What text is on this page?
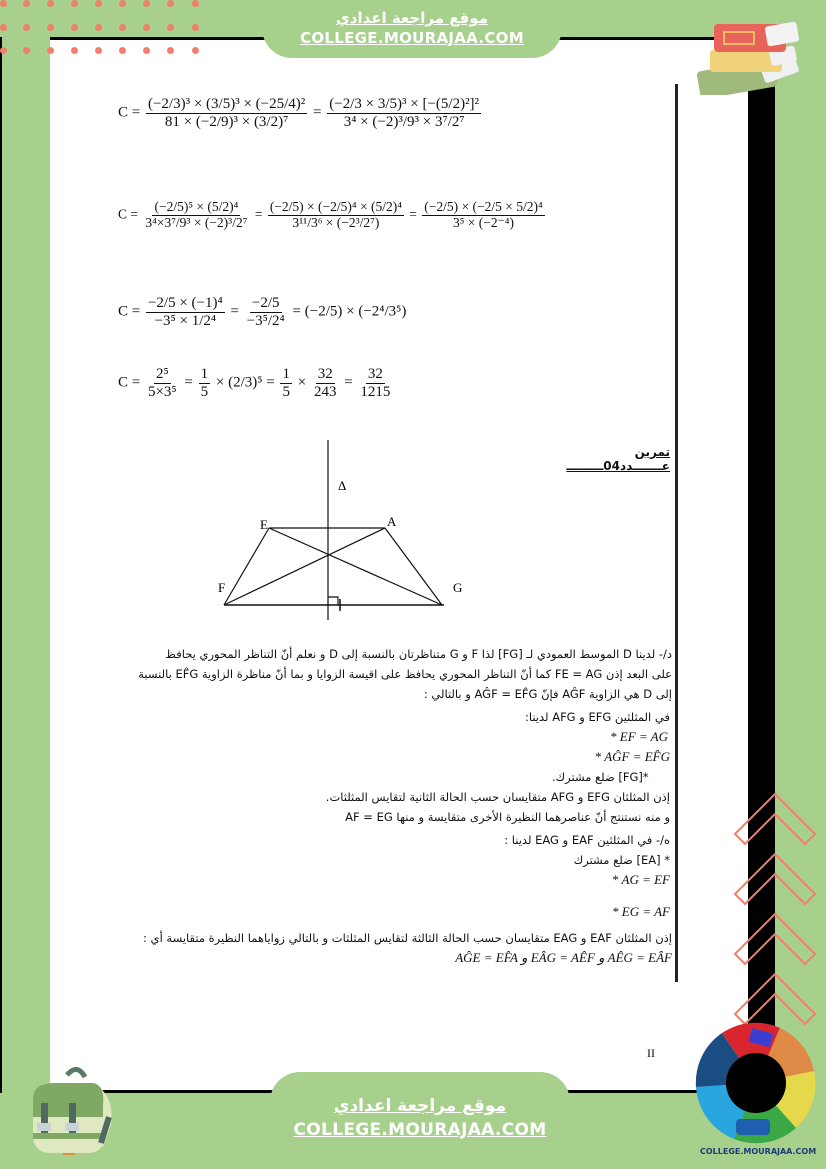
موقع مراجعة اعدادي
COLLEGE.MOURAJAA.COM
$C = \frac{\text{(−2/3)³ × (3/5)³ × (−25/4)²}}{\text{81 × (−2/9)³ × (3/2)⁷}} = \frac{\text{(−2/3 × 3/5)³ × [−(5/2)²]²}}{\text{3⁴ × (−2)³/9³ × 3⁷/2⁷}}$
$C = \frac{\text{(−2/5)⁵ × (5/2)⁴}}{\text{3⁴×3⁷/9³ × (−2)³/2⁷}} = \frac{\text{(−2/5) × (−2/5)⁴ × (5/2)⁴}}{\text{3¹¹/3⁶ × (−2³/2⁷)}} = \frac{\text{(−2/5) × (−2/5 × 5/2)⁴}}{\text{3⁵ × (−2⁻⁴)}}$
$C = \frac{\text{−2/5 × (−1)⁴}}{\text{−3⁵ × 1/2⁴}} = \frac{-2/5}{\text{−3⁵/2⁴}} = (-2/5) \times (-2^4/3^5)$
$C = \frac{\text{2⁵}}{\text{5×3⁵}} = \frac{1}{5} \times (2/3)^5 = \frac{1}{5} \times \frac{32}{243} = \frac{32}{1215}$
تمرين عـــــــدد04ـــــــــ
Δ
E	A
F	G
د/- لدينا D الموسط العمودي لـ [FG] لذا F و G متناظرتان بالنسبة إلى D و نعلم أنّ التناظر المحوري يحافظ
على البعد إذن FE = AG كما أنّ التناظر المحوري يحافظ على اقيسة الزوايا و بما أنّ مناظرة الزاوية EF̂G بالنسبة
إلى D هي الزاوية AĜF فإنّ AĜF = EF̂G و بالتالي :
في المثلثين EFG و AFG لدينا:
EF = AG *
AĜF = EF̂G *
*[FG] ضلع مشترك.
إذن المثلثان EFG و AFG متقايسان حسب الحالة الثانية لتقايس المثلثات.
و منه نستنتج أنّ عناصرهما النظيرة الأخرى متقايسة و منها AF = EG
ه/- في المثلثين EAF و EAG لدينا :
* [EA] ضلع مشترك
AG = EF *
EG = AF *
إذن المثلثان EAF و EAG متقايسان حسب الحالة الثالثة لتقايس المثلثات و بالتالي زواياهما النظيرة متقايسة أي :
AÊG = EÂF و EÂG = AÊF و AĜE = EF̂A
II
موقع مراجعة اعدادي
COLLEGE.MOURAJAA.COM
COLLEGE.MOURAJAA.COM
